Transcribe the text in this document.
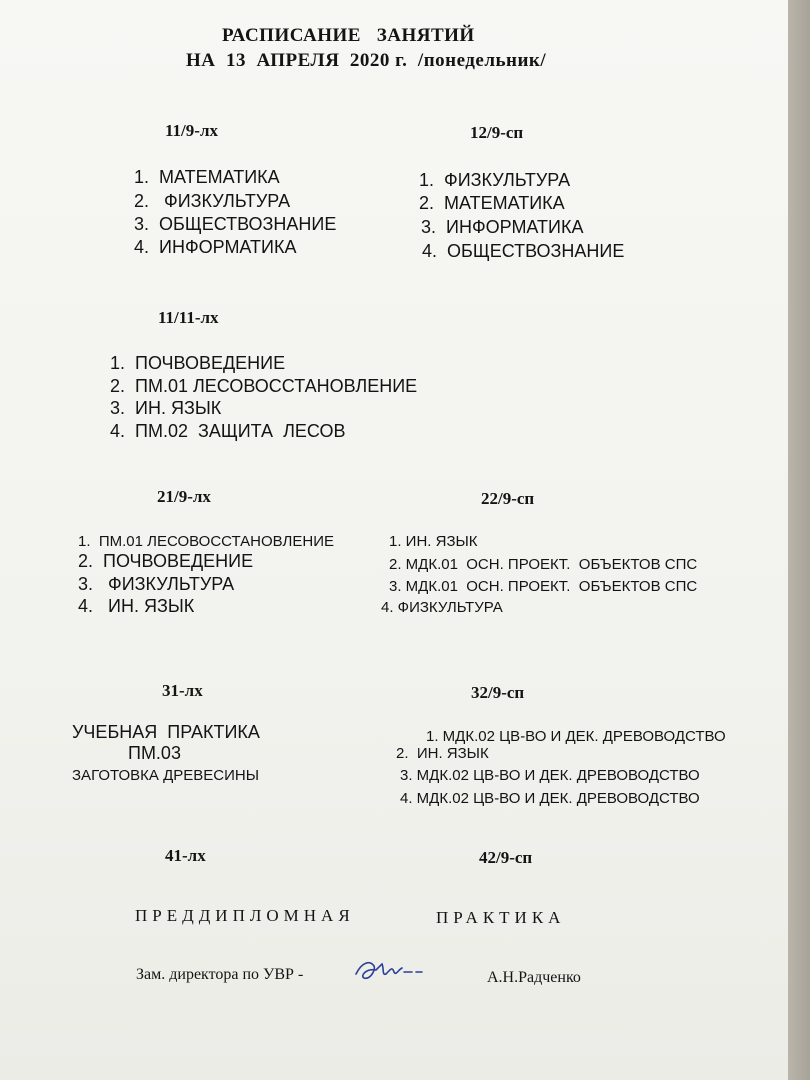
РАСПИСАНИЕ   ЗАНЯТИЙ
НА  13  АПРЕЛЯ  2020 г.  /понедельник/
11/9-лх
1.  МАТЕМАТИКА
2.   ФИЗКУЛЬТУРА
3.  ОБЩЕСТВОЗНАНИЕ
4.  ИНФОРМАТИКА
12/9-сп
1.  ФИЗКУЛЬТУРА
2.  МАТЕМАТИКА
3.  ИНФОРМАТИКА
4.  ОБЩЕСТВОЗНАНИЕ
11/11-лх
1.  ПОЧВОВЕДЕНИЕ
2.  ПМ.01 ЛЕСОВОССТАНОВЛЕНИЕ
3.  ИН. ЯЗЫК
4.  ПМ.02  ЗАЩИТА  ЛЕСОВ
21/9-лх
1.  ПМ.01 ЛЕСОВОССТАНОВЛЕНИЕ
2.  ПОЧВОВЕДЕНИЕ
3.   ФИЗКУЛЬТУРА
4.   ИН. ЯЗЫК
22/9-сп
1. ИН. ЯЗЫК
2. МДК.01  ОСН. ПРОЕКТ.  ОБЪЕКТОВ СПС
3. МДК.01  ОСН. ПРОЕКТ.  ОБЪЕКТОВ СПС
4. ФИЗКУЛЬТУРА
31-лх
УЧЕБНАЯ  ПРАКТИКА
ПМ.03
ЗАГОТОВКА ДРЕВЕСИНЫ
32/9-сп
1. МДК.02 ЦВ-ВО И ДЕК. ДРЕВОВОДСТВО
2.  ИН. ЯЗЫК
3. МДК.02 ЦВ-ВО И ДЕК. ДРЕВОВОДСТВО
4. МДК.02 ЦВ-ВО И ДЕК. ДРЕВОВОДСТВО
41-лх	42/9-сп
ПРЕДДИПЛОМНАЯ	ПРАКТИКА
Зам. директора по УВР -	А.Н.Радченко
